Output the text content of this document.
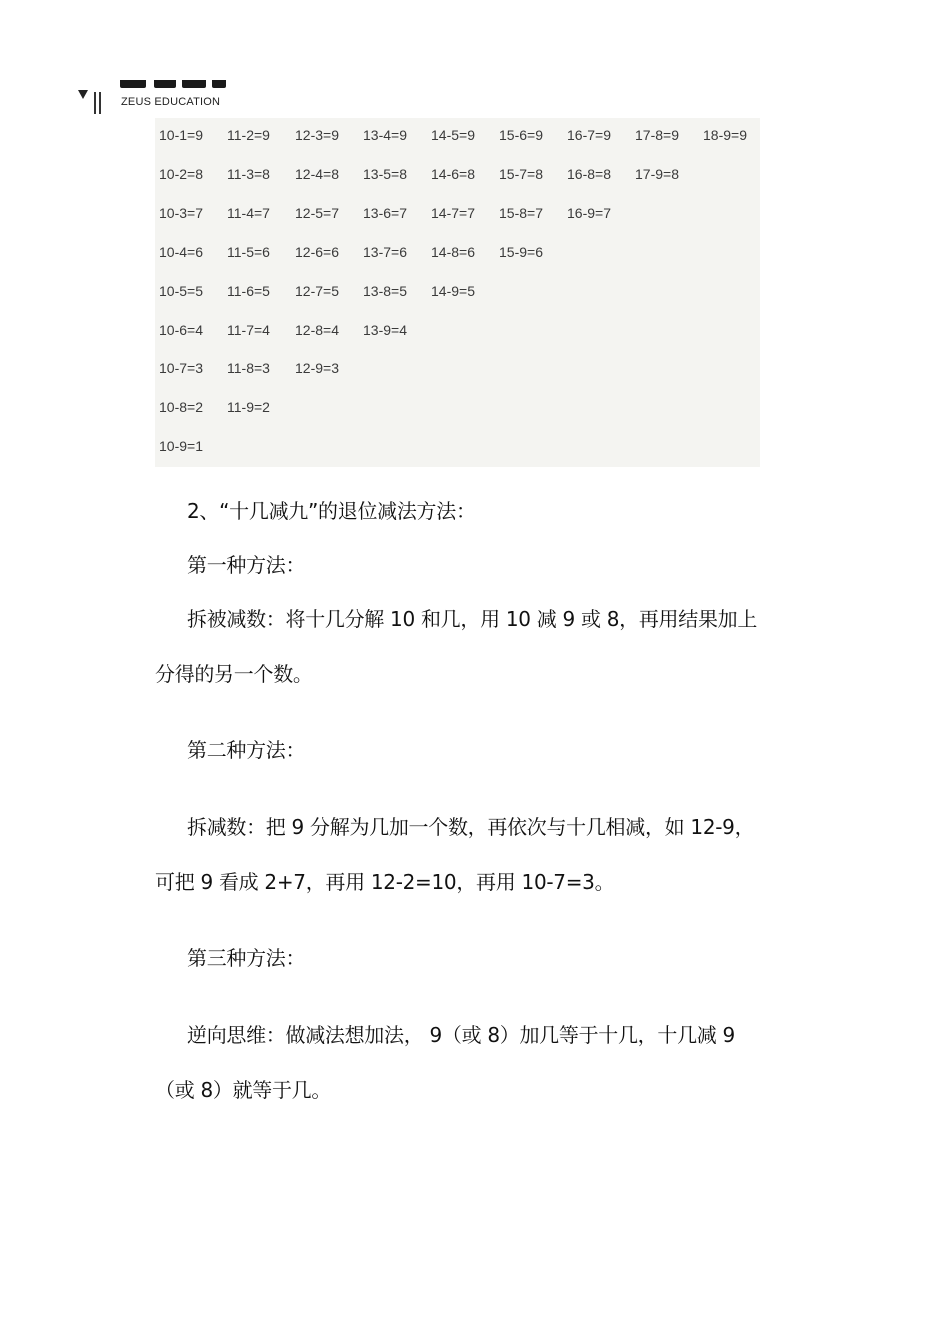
ZEUS EDUCATION
10-1=9
10-2=8
10-3=7
10-4=6
10-5=5
10-6=4
10-7=3
10-8=2
10-9=1
11-2=9
11-3=8
11-4=7
11-5=6
11-6=5
11-7=4
11-8=3
11-9=2
12-3=9
12-4=8
12-5=7
12-6=6
12-7=5
12-8=4
12-9=3
13-4=9
13-5=8
13-6=7
13-7=6
13-8=5
13-9=4
14-5=9
14-6=8
14-7=7
14-8=6
14-9=5
15-6=9
15-7=8
15-8=7
15-9=6
16-7=9
16-8=8
16-9=7
17-8=9
17-9=8
18-9=9
2、“十几减九”的退位减法方法：
第一种方法：
拆被减数：将十几分解 10 和几，用 10 减 9 或 8，再用结果加上
分得的另一个数。
第二种方法：
拆减数：把 9 分解为几加一个数，再依次与十几相减，如 12-9，
可把 9 看成 2+7，再用 12-2=10，再用 10-7=3。
第三种方法：
逆向思维：做减法想加法， 9（或 8）加几等于十几，十几减 9
（或 8）就等于几。
